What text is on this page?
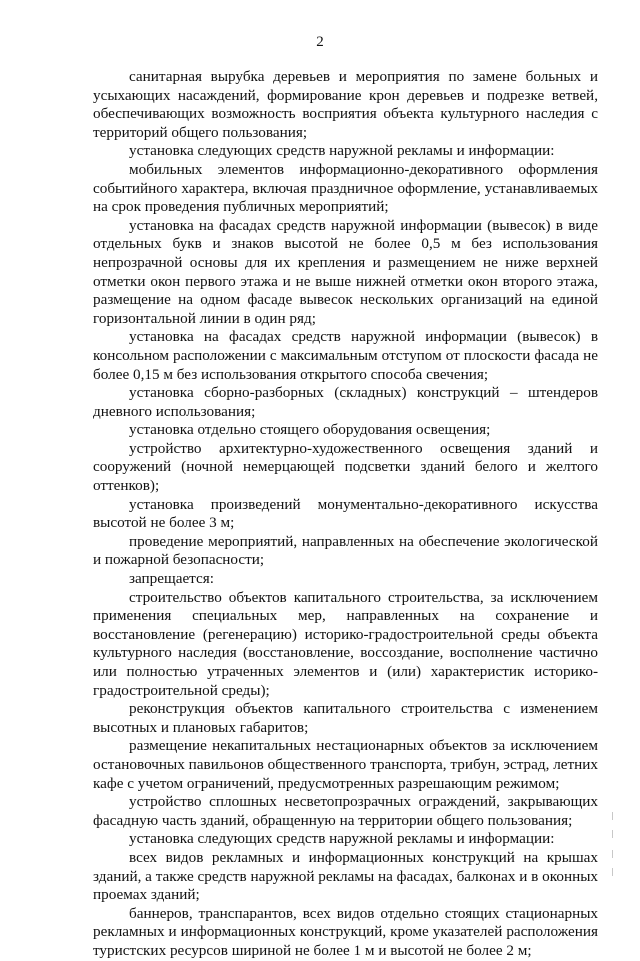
2

санитарная вырубка деревьев и мероприятия по замене больных и усыхающих насаждений, формирование крон деревьев и подрезке ветвей, обеспечивающих возможность восприятия объекта культурного наследия с территорий общего пользования;

установка следующих средств наружной рекламы и информации:

мобильных элементов информационно-декоративного оформления событийного характера, включая праздничное оформление, устанавливаемых на срок проведения публичных мероприятий;

установка на фасадах средств наружной информации (вывесок) в виде отдельных букв и знаков высотой не более 0,5 м без использования непрозрачной основы для их крепления и размещением не ниже верхней отметки окон первого этажа и не выше нижней отметки окон второго этажа, размещение на одном фасаде вывесок нескольких организаций на единой горизонтальной линии в один ряд;

установка на фасадах средств наружной информации (вывесок) в консольном расположении с максимальным отступом от плоскости фасада не более 0,15 м без использования открытого способа свечения;

установка сборно-разборных (складных) конструкций – штендеров дневного использования;

установка отдельно стоящего оборудования освещения;

устройство архитектурно-художественного освещения зданий и сооружений (ночной немерцающей подсветки зданий белого и желтого оттенков);

установка произведений монументально-декоративного искусства высотой не более 3 м;

проведение мероприятий, направленных на обеспечение экологической и пожарной безопасности;

запрещается:

строительство объектов капитального строительства, за исключением применения специальных мер, направленных на сохранение и восстановление (регенерацию) историко-градостроительной среды объекта культурного наследия (восстановление, воссоздание, восполнение частично или полностью утраченных элементов и (или) характеристик историко-градостроительной среды);

реконструкция объектов капитального строительства с изменением высотных и плановых габаритов;

размещение некапитальных нестационарных объектов за исключением остановочных павильонов общественного транспорта, трибун, эстрад, летних кафе с учетом ограничений, предусмотренных разрешающим режимом;

устройство сплошных несветопрозрачных ограждений, закрывающих фасадную часть зданий, обращенную на территории общего пользования;

установка следующих средств наружной рекламы и информации:

всех видов рекламных и информационных конструкций на крышах зданий, а также средств наружной рекламы на фасадах, балконах и в оконных проемах зданий;

баннеров, транспарантов, всех видов отдельно стоящих стационарных рекламных и информационных конструкций, кроме указателей расположения туристских ресурсов шириной не более 1 м и высотой не более 2 м;
